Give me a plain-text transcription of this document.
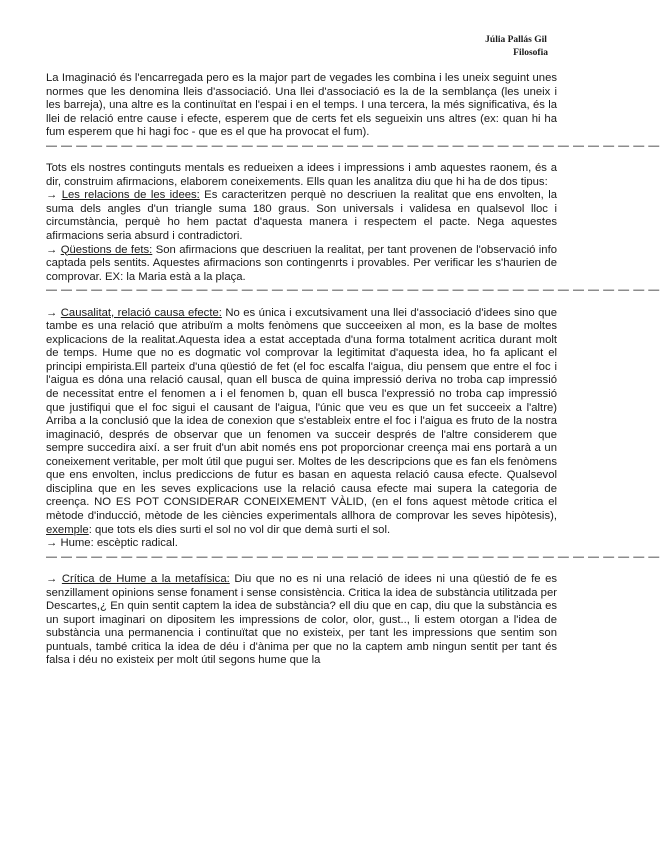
Júlia Pallás Gil
Filosofia

La Imaginació és l'encarregada pero es la major part de vegades les combina i les uneix seguint unes normes que les denomina lleis d'associació. Una llei d'associació es la de la semblança (les uneix i les barreja), una altre es la continuïtat en l'espai i en el temps. I una tercera, la més significativa, és la llei de relació entre cause i efecte, esperem que de certs fet els segueixin uns altres (ex: quan hi ha fum esperem que hi hagi foc - que es el que ha provocat el fum).

— — — — — — — — — — — — — — — — — — — — — — — — — — — — — — — — — — — — — — — — —

Tots els nostres continguts mentals es redueixen a idees i impressions i amb aquestes raonem, és a dir, construim afirmacions, elaborem coneixements. Ells quan les analitza diu que hi ha de dos tipus:

→ Les relacions de les idees: Es caracteritzen perquè no descriuen la realitat que ens envolten, la suma dels angles d'un triangle suma 180 graus. Son universals i validesa en qualsevol lloc i circumstància, perquè ho hem pactat d'aquesta manera i respectem el pacte. Nega aquestes afirmacions seria absurd i contradictori.

→ Qüestions de fets: Son afirmacions que descriuen la realitat, per tant provenen de l'observació info captada pels sentits. Aquestes afirmacions son contingenrts i provables. Per verificar les s'haurien de comprovar. EX: la Maria està a la plaça.

— — — — — — — — — — — — — — — — — — — — — — — — — — — — — — — — — — — — — — — — —

→ Causalitat, relació causa efecte: No es única i excutsivament una llei d'associació d'idees sino que tambe es una relació que atribuïm a molts fenòmens que succeeixen al mon, es la base de moltes explicacions de la realitat.Aquesta idea a estat acceptada d'una forma totalment acritica durant molt de temps. Hume que no es dogmatic vol comprovar la legitimitat d'aquesta idea, ho fa aplicant el principi empirista.Ell parteix d'una qüestió de fet (el foc escalfa l'aigua, diu pensem que entre el foc i l'aigua es dóna una relació causal, quan ell busca de quina impressió deriva no troba cap impressió de necessitat entre el fenomen a i el fenomen b, quan ell busca l'expressió no troba cap impressió que justifiqui que el foc sigui el causant de l'aigua, l'únic que veu es que un fet succeeix a l'altre) Arriba a la conclusió que la idea de conexion que s'estableix entre el foc i l'aigua es fruto de la nostra imaginació, després de observar que un fenomen va succeir després de l'altre considerem que sempre succedira així. a ser fruit d'un abit només ens pot proporcionar creença mai ens portarà a un coneixement veritable, per molt útil que pugui ser. Moltes de les descripcions que es fan els fenòmens que ens envolten, inclus prediccions de futur es basan en aquesta relació causa efecte. Qualsevol disciplina que en les seves explicacions use la relació causa efecte mai supera la categoria de creença. NO ES POT CONSIDERAR CONEIXEMENT VÀLID, (en el fons aquest mètode critica el mètode d'inducció, mètode de les ciències experimentals allhora de comprovar les seves hipòtesis), exemple: que tots els dies surti el sol no vol dir que demà surti el sol.

→ Hume: escèptic radical.

— — — — — — — — — — — — — — — — — — — — — — — — — — — — — — — — — — — — — — — — —

→ Crítica de Hume a la metafísica: Diu que no es ni una relació de idees ni una qüestió de fe es senzillament opinions sense fonament i sense consistència. Critica la idea de substància utilitzada per Descartes,¿ En quin sentit captem la idea de substància? ell diu que en cap, diu que la substància es un suport imaginari on dipositem les impressions de color, olor, gust.., li estem otorgan a l'idea de substància una permanencia i continuïtat que no existeix, per tant les impressions que sentim son puntuals, també critica la idea de déu i d'ànima per que no la captem amb ningun sentit per tant és falsa i déu no existeix per molt útil segons hume que la
